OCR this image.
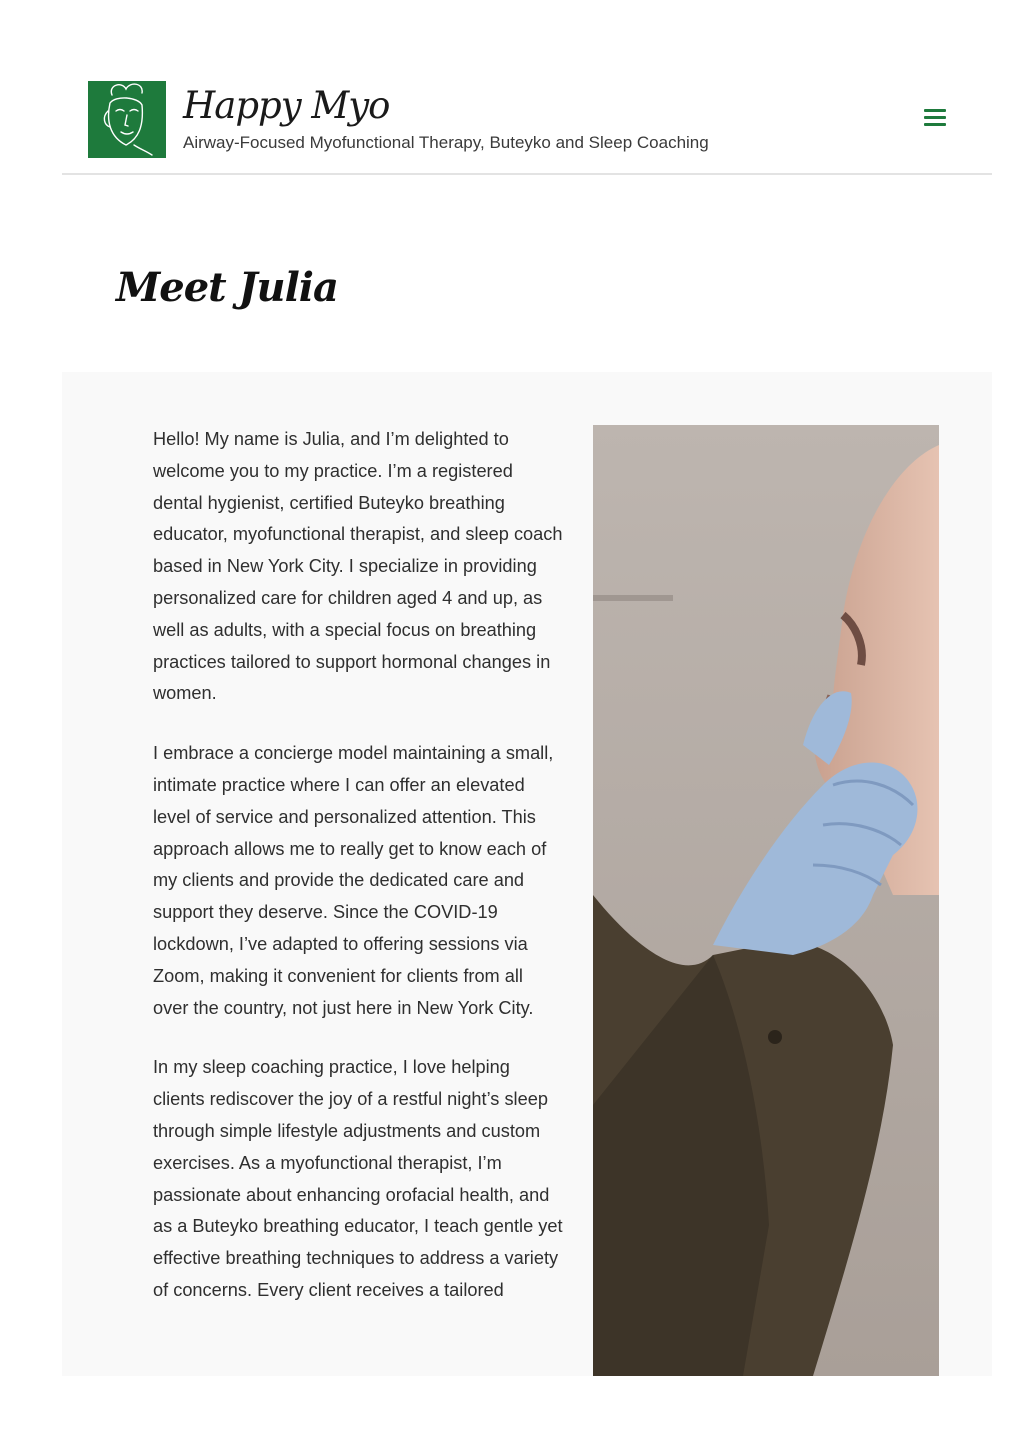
Happy Myo
Airway-Focused Myofunctional Therapy, Buteyko and Sleep Coaching
Meet Julia

Hello! My name is Julia, and I’m delighted to welcome you to my practice. I’m a registered dental hygienist, certified Buteyko breathing educator, myofunctional therapist, and sleep coach based in New York City. I specialize in providing personalized care for children aged 4 and up, as well as adults, with a special focus on breathing practices tailored to support hormonal changes in women.

I embrace a concierge model maintaining a small, intimate practice where I can offer an elevated level of service and personalized attention. This approach allows me to really get to know each of my clients and provide the dedicated care and support they deserve. Since the COVID-19 lockdown, I’ve adapted to offering sessions via Zoom, making it convenient for clients from all over the country, not just here in New York City.

In my sleep coaching practice, I love helping clients rediscover the joy of a restful night’s sleep through simple lifestyle adjustments and custom exercises. As a myofunctional therapist, I’m passionate about enhancing orofacial health, and as a Buteyko breathing educator, I teach gentle yet effective breathing techniques to address a variety of concerns. Every client receives a tailored
